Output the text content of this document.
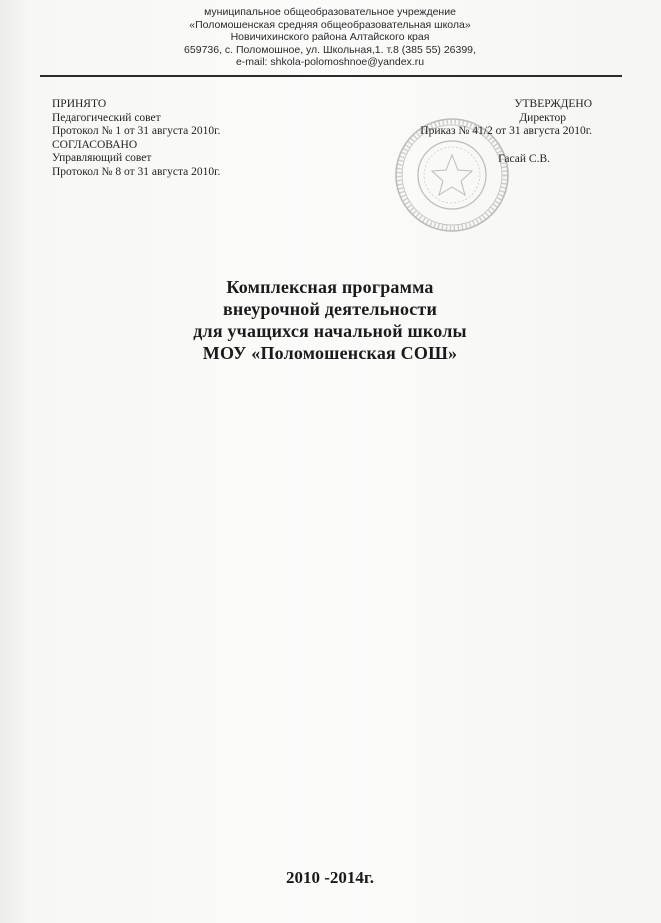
муниципальное общеобразовательное учреждение
«Поломошенская средняя общеобразовательная школа»
Новичихинского района Алтайского края
659736, с. Поломошное, ул. Школьная,1. т.8 (385 55) 26399,
e-mail: shkola-polomoshnoe@yandex.ru
ПРИНЯТО
Педагогический совет
Протокол № 1 от 31 августа 2010г.
СОГЛАСОВАНО
Управляющий совет
Протокол № 8 от 31 августа 2010г.
УТВЕРЖДЕНО
Директор
Приказ № 41/2 от 31 августа 2010г.
Гасай С.В.
Комплексная программа
внеурочной деятельности
для учащихся начальной школы
МОУ «Поломошенская СОШ»
2010 -2014г.
